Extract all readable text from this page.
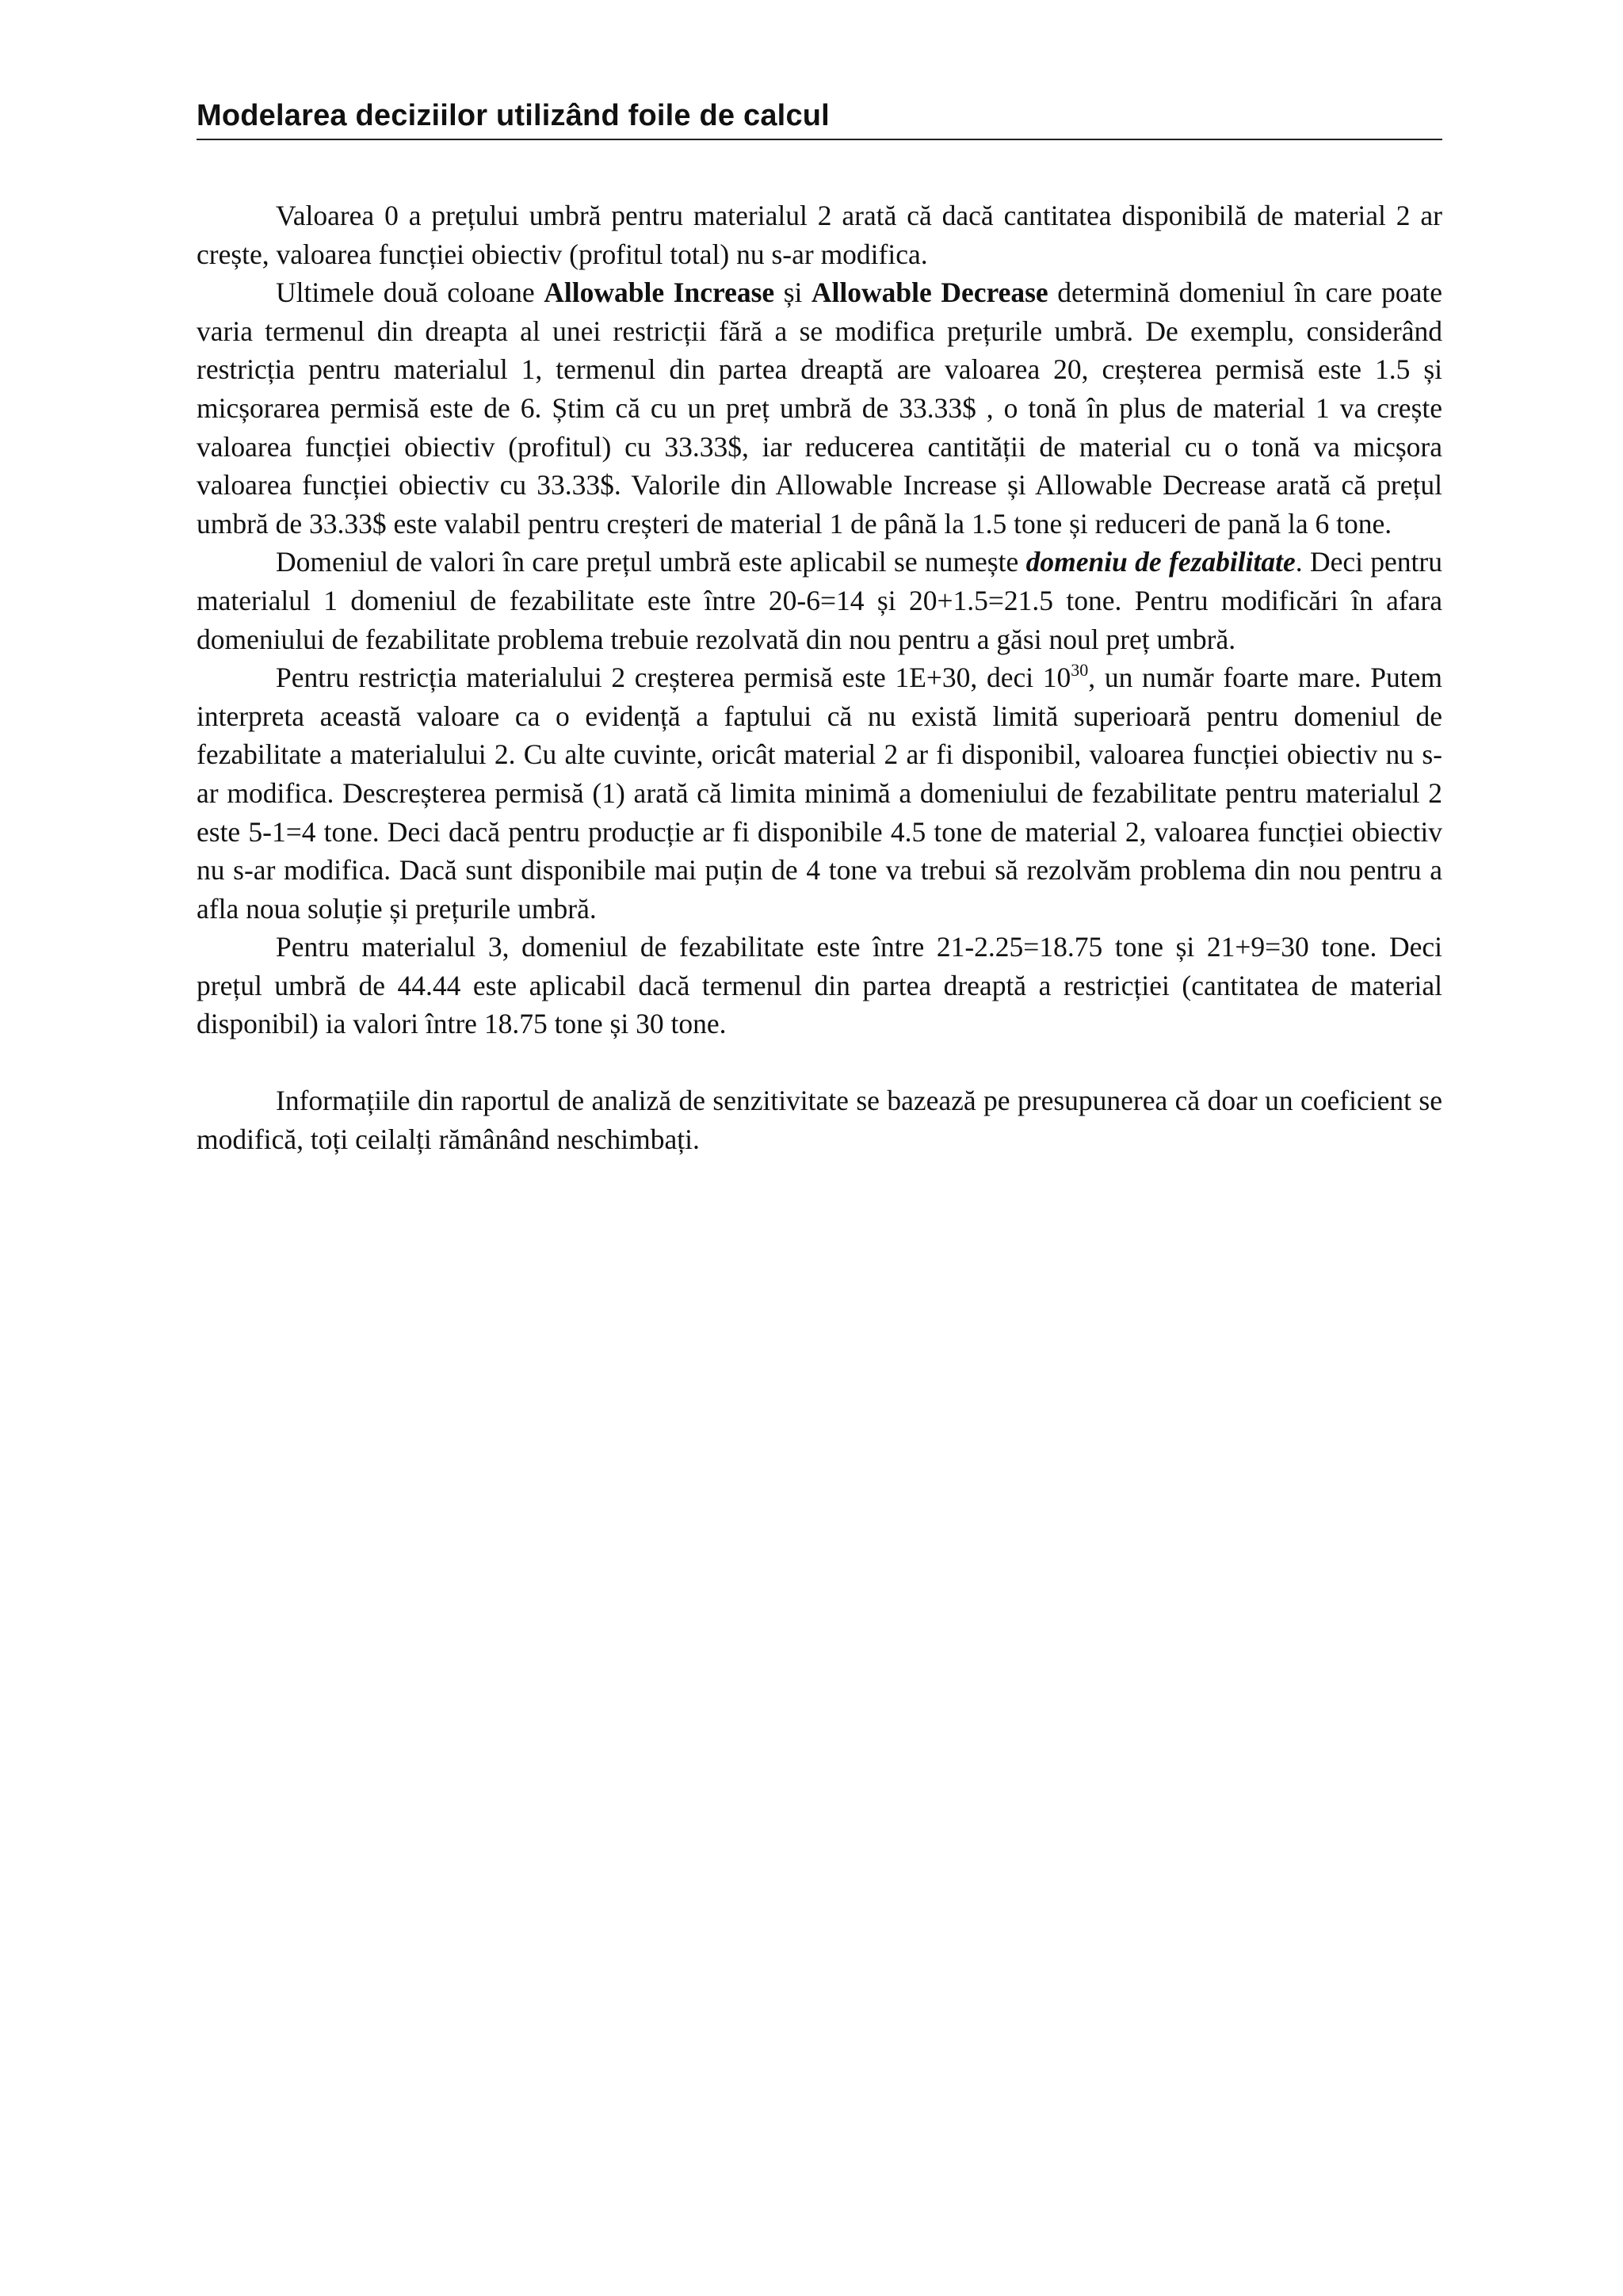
Modelarea deciziilor utilizând foile de calcul

Valoarea 0 a prețului umbră pentru materialul 2 arată că dacă cantitatea disponibilă de material 2 ar crește, valoarea funcției obiectiv (profitul total) nu s-ar modifica.

Ultimele două coloane Allowable Increase și Allowable Decrease determină domeniul în care poate varia termenul din dreapta al unei restricții fără a se modifica prețurile umbră. De exemplu, considerând restricția pentru materialul 1, termenul din partea dreaptă are valoarea 20, creșterea permisă este 1.5 și micșorarea permisă este de 6. Știm că cu un preț umbră de 33.33$ , o tonă în plus de material 1 va crește valoarea funcției obiectiv (profitul) cu 33.33$, iar reducerea cantității de material cu o tonă va micșora valoarea funcției obiectiv cu 33.33$. Valorile din Allowable Increase și Allowable Decrease arată că prețul umbră de 33.33$ este valabil pentru creșteri de material 1 de până la 1.5 tone și reduceri de pană la 6 tone.

Domeniul de valori în care prețul umbră este aplicabil se numește domeniu de fezabilitate. Deci pentru materialul 1 domeniul de fezabilitate este între 20-6=14 și 20+1.5=21.5 tone. Pentru modificări în afara domeniului de fezabilitate problema trebuie rezolvată din nou pentru a găsi noul preț umbră.

Pentru restricția materialului 2 creșterea permisă este 1E+30, deci $10^{30}$, un număr foarte mare. Putem interpreta această valoare ca o evidență a faptului că nu există limită superioară pentru domeniul de fezabilitate a materialului 2. Cu alte cuvinte, oricât material 2 ar fi disponibil, valoarea funcției obiectiv nu s-ar modifica. Descreșterea permisă (1) arată că limita minimă a domeniului de fezabilitate pentru materialul 2 este 5-1=4 tone. Deci dacă pentru producție ar fi disponibile 4.5 tone de material 2, valoarea funcției obiectiv nu s-ar modifica. Dacă sunt disponibile mai puțin de 4 tone va trebui să rezolvăm problema din nou pentru a afla noua soluție și prețurile umbră.

Pentru materialul 3, domeniul de fezabilitate este între 21-2.25=18.75 tone și 21+9=30 tone. Deci prețul umbră de 44.44 este aplicabil dacă termenul din partea dreaptă a restricției (cantitatea de material disponibil) ia valori între 18.75 tone și 30 tone.

Informațiile din raportul de analiză de senzitivitate se bazează pe presupunerea că doar un coeficient se modifică, toți ceilalți rămânând neschimbați.
